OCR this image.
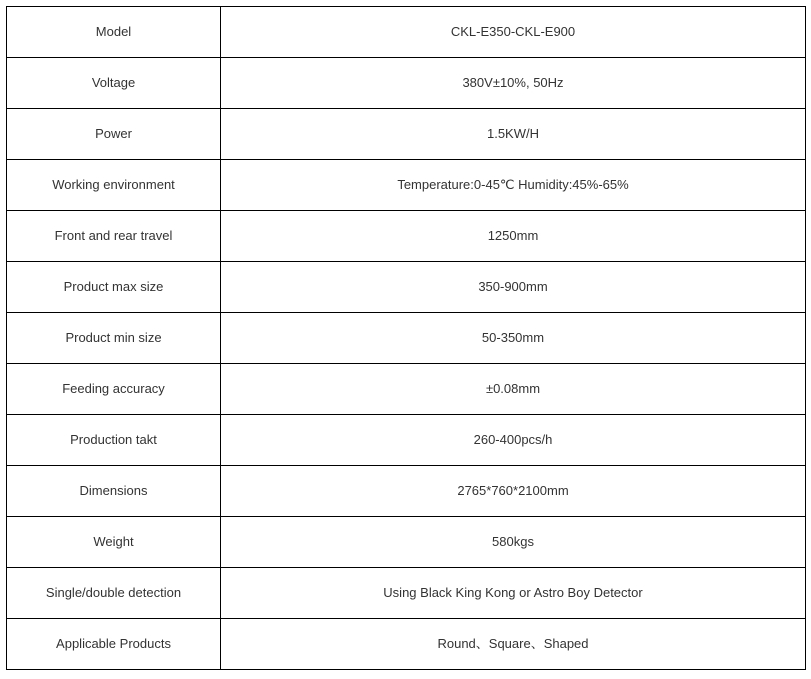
Model	CKL-E350-CKL-E900
Voltage	380V±10%, 50Hz
Power	1.5KW/H
Working environment	Temperature:0-45℃ Humidity:45%-65%
Front and rear travel	1250mm
Product max size	350-900mm
Product min size	50-350mm
Feeding accuracy	±0.08mm
Production takt	260-400pcs/h
Dimensions	2765*760*2100mm
Weight	580kgs
Single/double detection	Using Black King Kong or Astro Boy Detector
Applicable Products	Round、Square、Shaped
